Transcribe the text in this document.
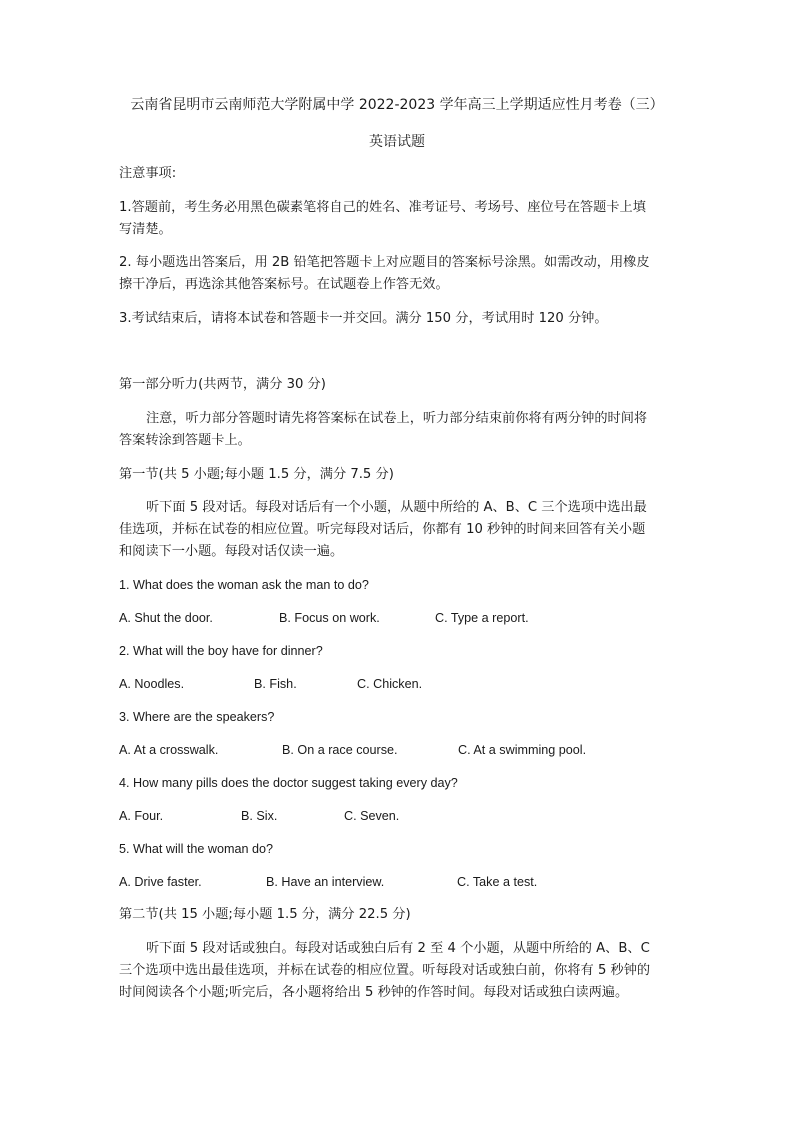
云南省昆明市云南师范大学附属中学 2022-2023 学年高三上学期适应性月考卷（三）
英语试题
注意事项:
1.答题前，考生务必用黑色碳素笔将自己的姓名、准考证号、考场号、座位号在答题卡上填
写清楚。
2. 每小题选出答案后，用 2B 铅笔把答题卡上对应题目的答案标号涂黑。如需改动，用橡皮
擦干净后，再选涂其他答案标号。在试题卷上作答无效。
3.考试结束后，请将本试卷和答题卡一并交回。满分 150 分，考试用时 120 分钟。
第一部分听力(共两节，满分 30 分)
注意，听力部分答题时请先将答案标在试卷上，听力部分结束前你将有两分钟的时间将
答案转涂到答题卡上。
第一节(共 5 小题;每小题 1.5 分，满分 7.5 分)
听下面 5 段对话。每段对话后有一个小题，从题中所给的 A、B、C 三个选项中选出最
佳选项，并标在试卷的相应位置。听完每段对话后，你都有 10 秒钟的时间来回答有关小题
和阅读下一小题。每段对话仅读一遍。
1. What does the woman ask the man to do?
A. Shut the door.	B. Focus on work.	C. Type a report.
2. What will the boy have for dinner?
A. Noodles.	B. Fish.	C. Chicken.
3. Where are the speakers?
A. At a crosswalk.	B. On a race course.	C. At a swimming pool.
4. How many pills does the doctor suggest taking every day?
A. Four.	B. Six.	C. Seven.
5. What will the woman do?
A. Drive faster.	B. Have an interview.	C. Take a test.
第二节(共 15 小题;每小题 1.5 分，满分 22.5 分)
听下面 5 段对话或独白。每段对话或独白后有 2 至 4 个小题，从题中所给的 A、B、C
三个选项中选出最佳选项，并标在试卷的相应位置。听每段对话或独白前，你将有 5 秒钟的
时间阅读各个小题;听完后，各小题将给出 5 秒钟的作答时间。每段对话或独白读两遍。
